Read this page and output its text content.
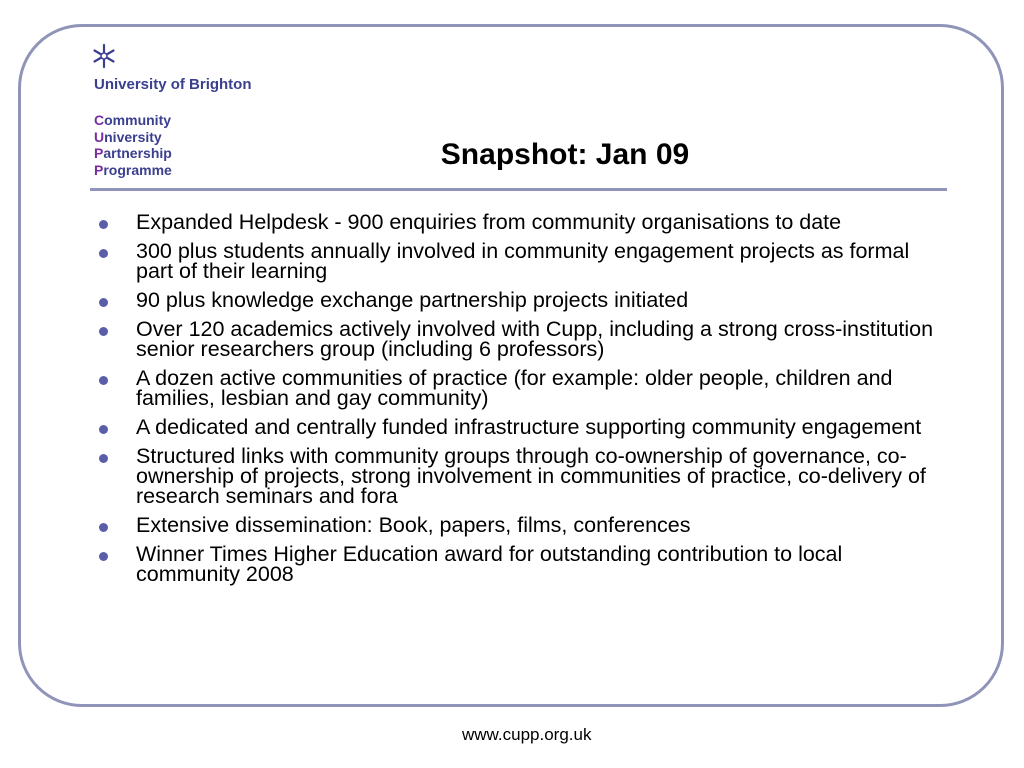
University of Brighton
Community
University
Partnership
Programme	Snapshot: Jan 09
Expanded Helpdesk - 900 enquiries from community organisations to date
300 plus students annually involved in community engagement projects as formal part of their learning
90 plus knowledge exchange partnership projects initiated
Over 120 academics actively involved with Cupp, including a strong cross-institution senior researchers group (including 6 professors)
A dozen active communities of practice (for example: older people, children and families, lesbian and gay community)
A dedicated and centrally funded infrastructure supporting community engagement
Structured links with community groups through co-ownership of governance, co-ownership of projects, strong involvement in communities of practice, co-delivery of research seminars and fora
Extensive dissemination: Book, papers, films, conferences
Winner Times Higher Education award for outstanding contribution to local community 2008
www.cupp.org.uk
